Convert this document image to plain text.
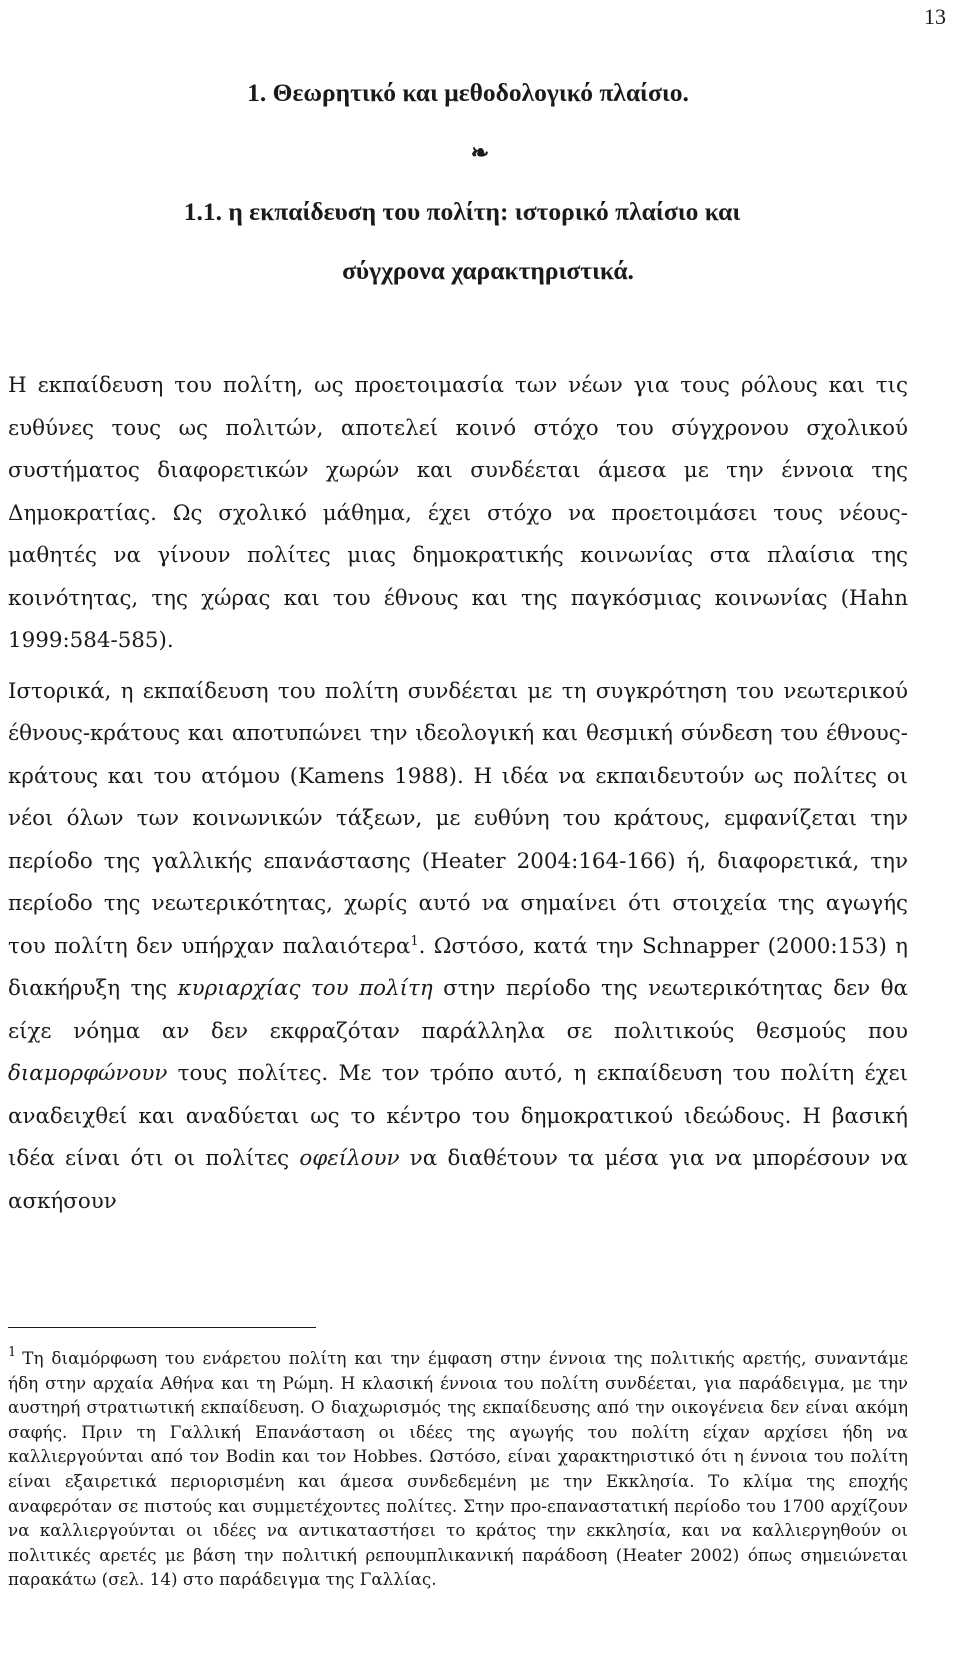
13
1. Θεωρητικό και μεθοδολογικό πλαίσιο.
❧
1.1. η εκπαίδευση του πολίτη: ιστορικό πλαίσιο και
σύγχρονα χαρακτηριστικά.

Η εκπαίδευση του πολίτη, ως προετοιμασία των νέων για τους ρόλους και τις ευθύνες τους ως πολιτών, αποτελεί κοινό στόχο του σύγχρονου σχολικού συστήματος διαφορετικών χωρών και συνδέεται άμεσα με την έννοια της Δημοκρατίας. Ως σχολικό μάθημα, έχει στόχο να προετοιμάσει τους νέους-μαθητές να γίνουν πολίτες μιας δημοκρατικής κοινωνίας στα πλαίσια της κοινότητας, της χώρας και του έθνους και της παγκόσμιας κοινωνίας (Hahn 1999:584-585).

Ιστορικά, η εκπαίδευση του πολίτη συνδέεται με τη συγκρότηση του νεωτερικού έθνους-κράτους και αποτυπώνει την ιδεολογική και θεσμική σύνδεση του έθνους-κράτους και του ατόμου (Kamens 1988). Η ιδέα να εκπαιδευτούν ως πολίτες οι νέοι όλων των κοινωνικών τάξεων, με ευθύνη του κράτους, εμφανίζεται την περίοδο της γαλλικής επανάστασης (Heater 2004:164-166) ή, διαφορετικά, την περίοδο της νεωτερικότητας, χωρίς αυτό να σημαίνει ότι στοιχεία της αγωγής του πολίτη δεν υπήρχαν παλαιότερα$^1$. Ωστόσο, κατά την Schnapper (2000:153) η διακήρυξη της κυριαρχίας του πολίτη στην περίοδο της νεωτερικότητας δεν θα είχε νόημα αν δεν εκφραζόταν παράλληλα σε πολιτικούς θεσμούς που διαμορφώνουν τους πολίτες. Με τον τρόπο αυτό, η εκπαίδευση του πολίτη έχει αναδειχθεί και αναδύεται ως το κέντρο του δημοκρατικού ιδεώδους. Η βασική ιδέα είναι ότι οι πολίτες οφείλουν να διαθέτουν τα μέσα για να μπορέσουν να ασκήσουν

$^1$ Τη διαμόρφωση του ενάρετου πολίτη και την έμφαση στην έννοια της πολιτικής αρετής, συναντάμε ήδη στην αρχαία Αθήνα και τη Ρώμη. Η κλασική έννοια του πολίτη συνδέεται, για παράδειγμα, με την αυστηρή στρατιωτική εκπαίδευση. Ο διαχωρισμός της εκπαίδευσης από την οικογένεια δεν είναι ακόμη σαφής. Πριν τη Γαλλική Επανάσταση οι ιδέες της αγωγής του πολίτη είχαν αρχίσει ήδη να καλλιεργούνται από τον Bodin και τον Hobbes. Ωστόσο, είναι χαρακτηριστικό ότι η έννοια του πολίτη είναι εξαιρετικά περιορισμένη και άμεσα συνδεδεμένη με την Εκκλησία. Το κλίμα της εποχής αναφερόταν σε πιστούς και συμμετέχοντες πολίτες. Στην προ-επαναστατική περίοδο του 1700 αρχίζουν να καλλιεργούνται οι ιδέες να αντικαταστήσει το κράτος την εκκλησία, και να καλλιεργηθούν οι πολιτικές αρετές με βάση την πολιτική ρεπουμπλικανική παράδοση (Heater 2002) όπως σημειώνεται παρακάτω (σελ. 14) στο παράδειγμα της Γαλλίας.
